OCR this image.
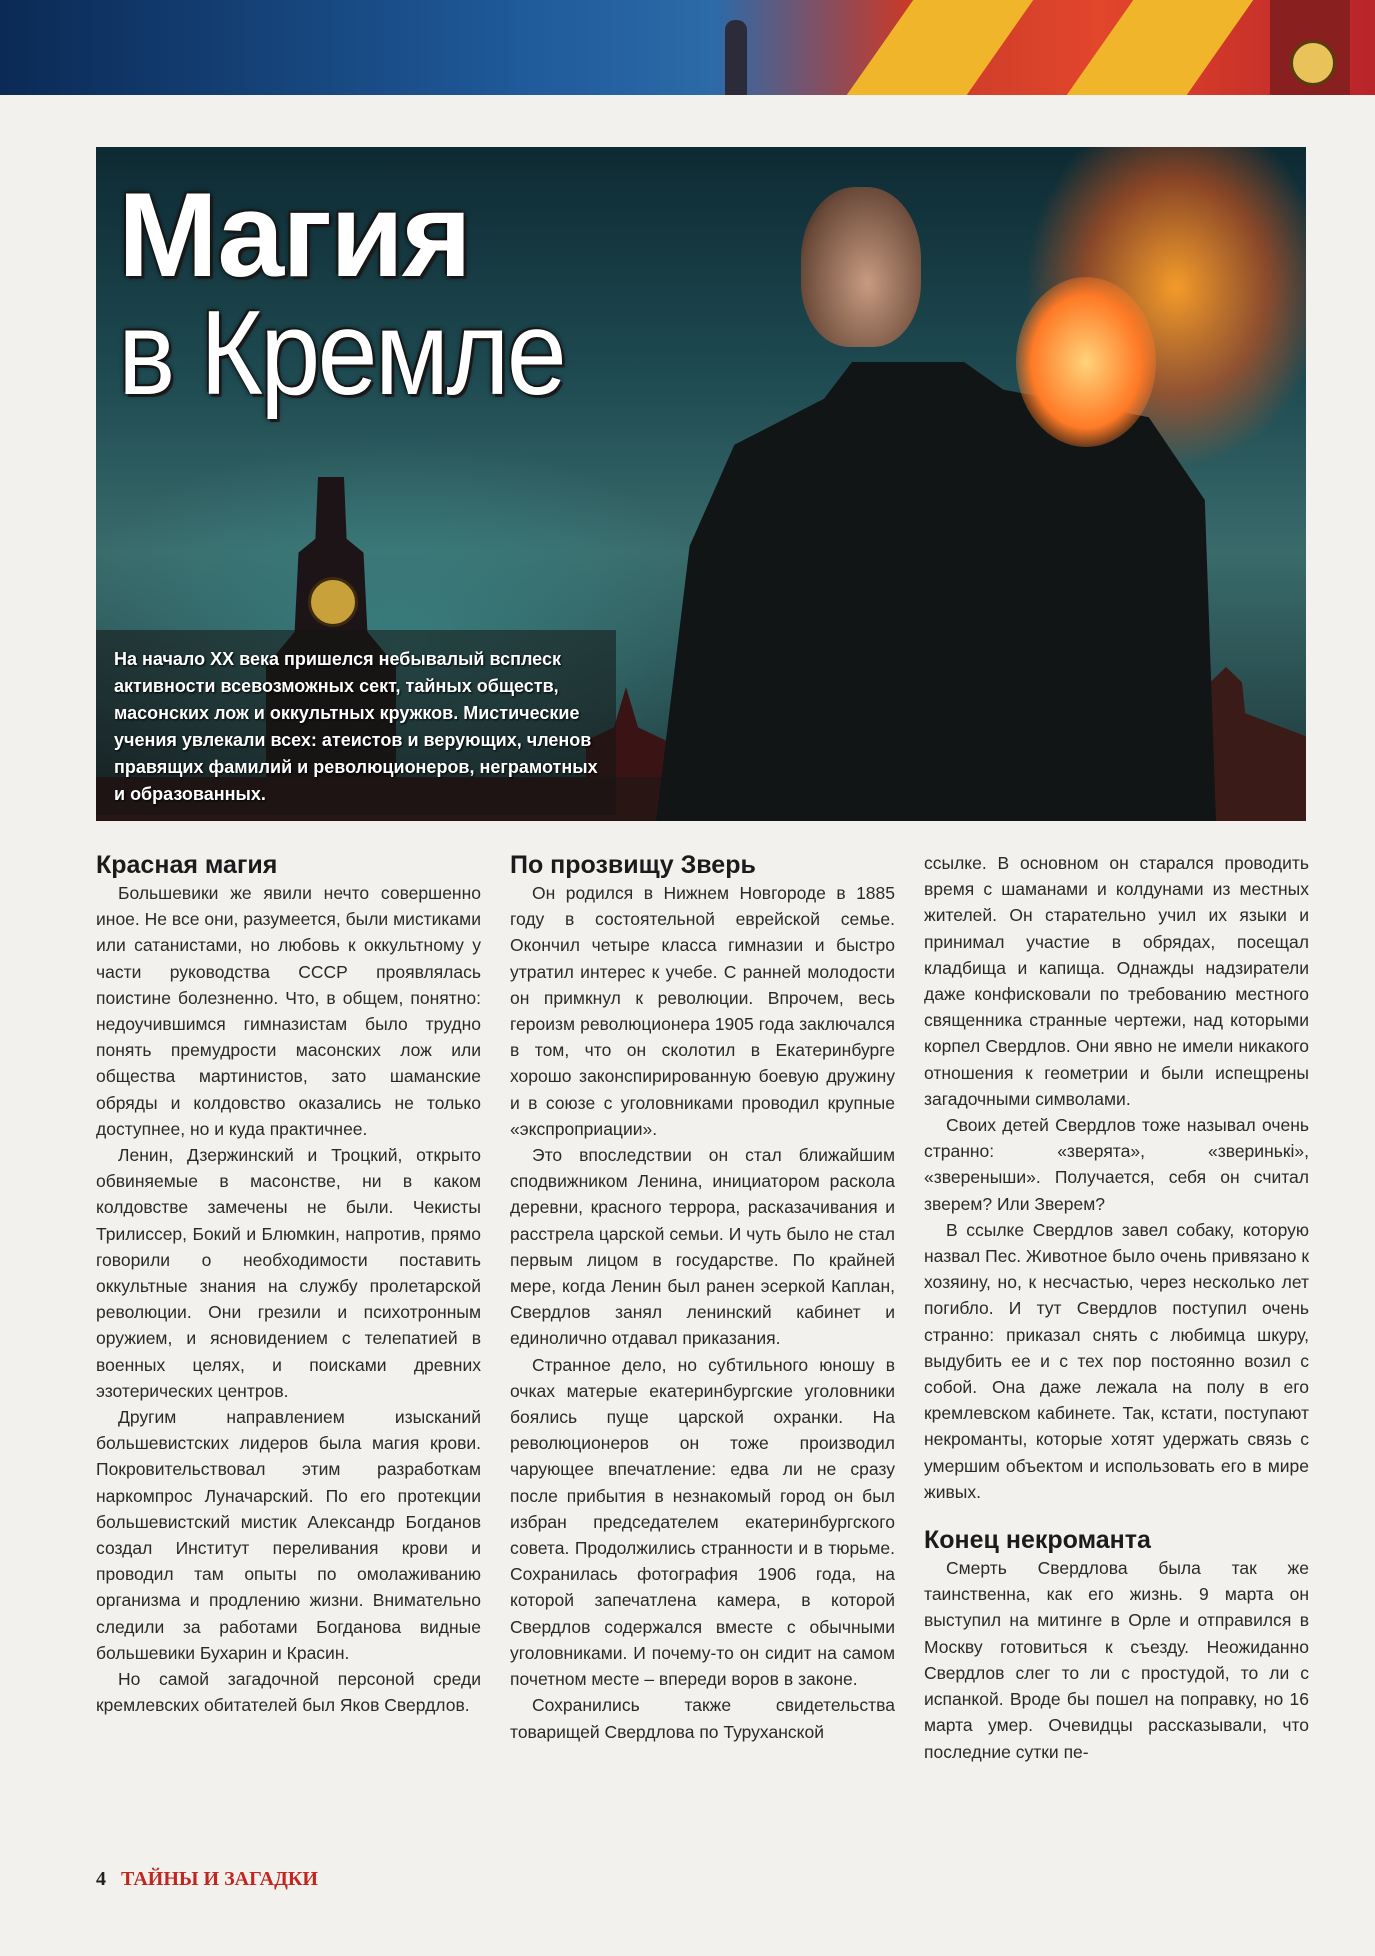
Магия
в Кремле
На начало XX века пришелся небывалый всплеск активности всевозможных сект, тайных обществ, масонских лож и оккультных кружков. Мистические учения увлекали всех: атеистов и верующих, членов правящих фамилий и революционеров, неграмотных и образованных.
Красная магия

Большевики же явили нечто совершенно иное. Не все они, разумеется, были мистиками или сатанистами, но любовь к оккультному у части руководства СССР проявлялась поистине болезненно. Что, в общем, понятно: недоучившимся гимназистам было трудно понять премудрости масонских лож или общества мартинистов, зато шаманские обряды и колдовство оказались не только доступнее, но и куда практичнее.

Ленин, Дзержинский и Троцкий, открыто обвиняемые в масонстве, ни в каком колдовстве замечены не были. Чекисты Трилиссер, Бокий и Блюмкин, напротив, прямо говорили о необходимости поставить оккультные знания на службу пролетарской революции. Они грезили и психотронным оружием, и ясновидением с телепатией в военных целях, и поисками древних эзотерических центров.

Другим направлением изысканий большевистских лидеров была магия крови. Покровительствовал этим разработкам наркомпрос Луначарский. По его протекции большевистский мистик Александр Богданов создал Институт переливания крови и проводил там опыты по омолаживанию организма и продлению жизни. Внимательно следили за работами Богданова видные большевики Бухарин и Красин.

Но самой загадочной персоной среди кремлевских обитателей был Яков Свердлов.

По прозвищу Зверь

Он родился в Нижнем Новгороде в 1885 году в состоятельной еврейской семье. Окончил четыре класса гимназии и быстро утратил интерес к учебе. С ранней молодости он примкнул к революции. Впрочем, весь героизм революционера 1905 года заключался в том, что он сколотил в Екатеринбурге хорошо законспирированную боевую дружину и в союзе с уголовниками проводил крупные «экспроприации».

Это впоследствии он стал ближайшим сподвижником Ленина, инициатором раскола деревни, красного террора, расказачивания и расстрела царской семьи. И чуть было не стал первым лицом в государстве. По крайней мере, когда Ленин был ранен эсеркой Каплан, Свердлов занял ленинский кабинет и единолично отдавал приказания.

Странное дело, но субтильного юношу в очках матерые екатеринбургские уголовники боялись пуще царской охранки. На революционеров он тоже производил чарующее впечатление: едва ли не сразу после прибытия в незнакомый город он был избран председателем екатеринбургского совета. Продолжились странности и в тюрьме. Сохранилась фотография 1906 года, на которой запечатлена камера, в которой Свердлов содержался вместе с обычными уголовниками. И почему-то он сидит на самом почетном месте – впереди воров в законе.

Сохранились также свидетельства товарищей Свердлова по Туруханской

ссылке. В основном он старался проводить время с шаманами и колдунами из местных жителей. Он старательно учил их языки и принимал участие в обрядах, посещал кладбища и капища. Однажды надзиратели даже конфисковали по требованию местного священника странные чертежи, над которыми корпел Свердлов. Они явно не имели никакого отношения к геометрии и были испещрены загадочными символами.

Своих детей Свердлов тоже называл очень странно: «зверята», «зверинькі», «звереныши». Получается, себя он считал зверем? Или Зверем?

В ссылке Свердлов завел собаку, которую назвал Пес. Животное было очень привязано к хозяину, но, к несчастью, через несколько лет погибло. И тут Свердлов поступил очень странно: приказал снять с любимца шкуру, выдубить ее и с тех пор постоянно возил с собой. Она даже лежала на полу в его кремлевском кабинете. Так, кстати, поступают некроманты, которые хотят удержать связь с умершим объектом и использовать его в мире живых.

Конец некроманта

Смерть Свердлова была так же таинственна, как его жизнь. 9 марта он выступил на митинге в Орле и отправился в Москву готовиться к съезду. Неожиданно Свердлов слег то ли с простудой, то ли с испанкой. Вроде бы пошел на поправку, но 16 марта умер. Очевидцы рассказывали, что последние сутки пе-

4 ТАЙНЫ И ЗАГАДКИ
